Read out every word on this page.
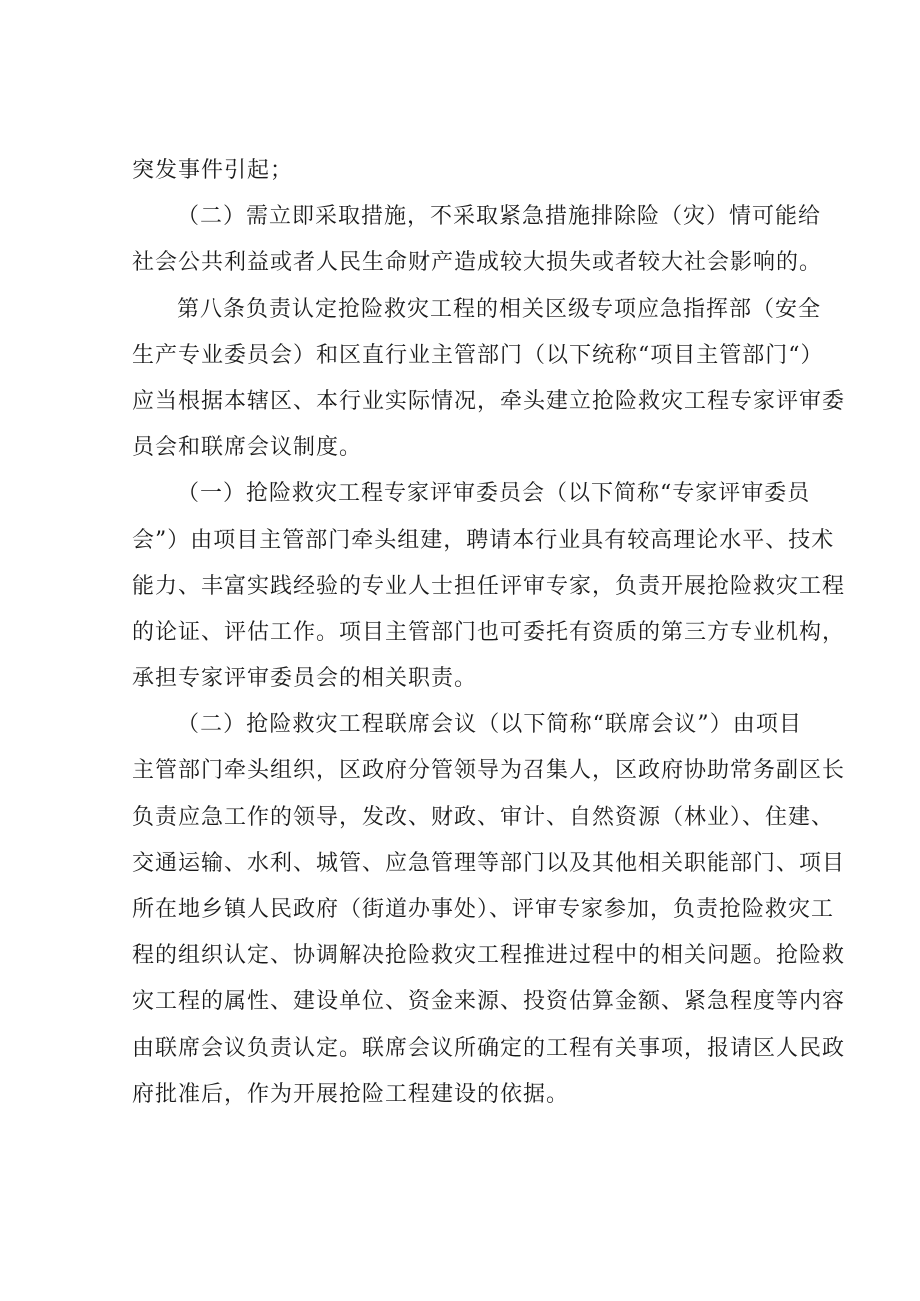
突发事件引起；
（二）需立即采取措施，不采取紧急措施排除险（灾）情可能给
社会公共利益或者人民生命财产造成较大损失或者较大社会影响的。
第八条负责认定抢险救灾工程的相关区级专项应急指挥部（安全
生产专业委员会）和区直行业主管部门（以下统称“项目主管部门“）
应当根据本辖区、本行业实际情况，牵头建立抢险救灾工程专家评审委
员会和联席会议制度。
（一）抢险救灾工程专家评审委员会（以下简称“专家评审委员
会”）由项目主管部门牵头组建，聘请本行业具有较高理论水平、技术
能力、丰富实践经验的专业人士担任评审专家，负责开展抢险救灾工程
的论证、评估工作。项目主管部门也可委托有资质的第三方专业机构，
承担专家评审委员会的相关职责。
（二）抢险救灾工程联席会议（以下简称“联席会议”）由项目
主管部门牵头组织，区政府分管领导为召集人，区政府协助常务副区长
负责应急工作的领导，发改、财政、审计、自然资源（林业）、住建、
交通运输、水利、城管、应急管理等部门以及其他相关职能部门、项目
所在地乡镇人民政府（街道办事处）、评审专家参加，负责抢险救灾工
程的组织认定、协调解决抢险救灾工程推进过程中的相关问题。抢险救
灾工程的属性、建设单位、资金来源、投资估算金额、紧急程度等内容
由联席会议负责认定。联席会议所确定的工程有关事项，报请区人民政
府批准后，作为开展抢险工程建设的依据。
